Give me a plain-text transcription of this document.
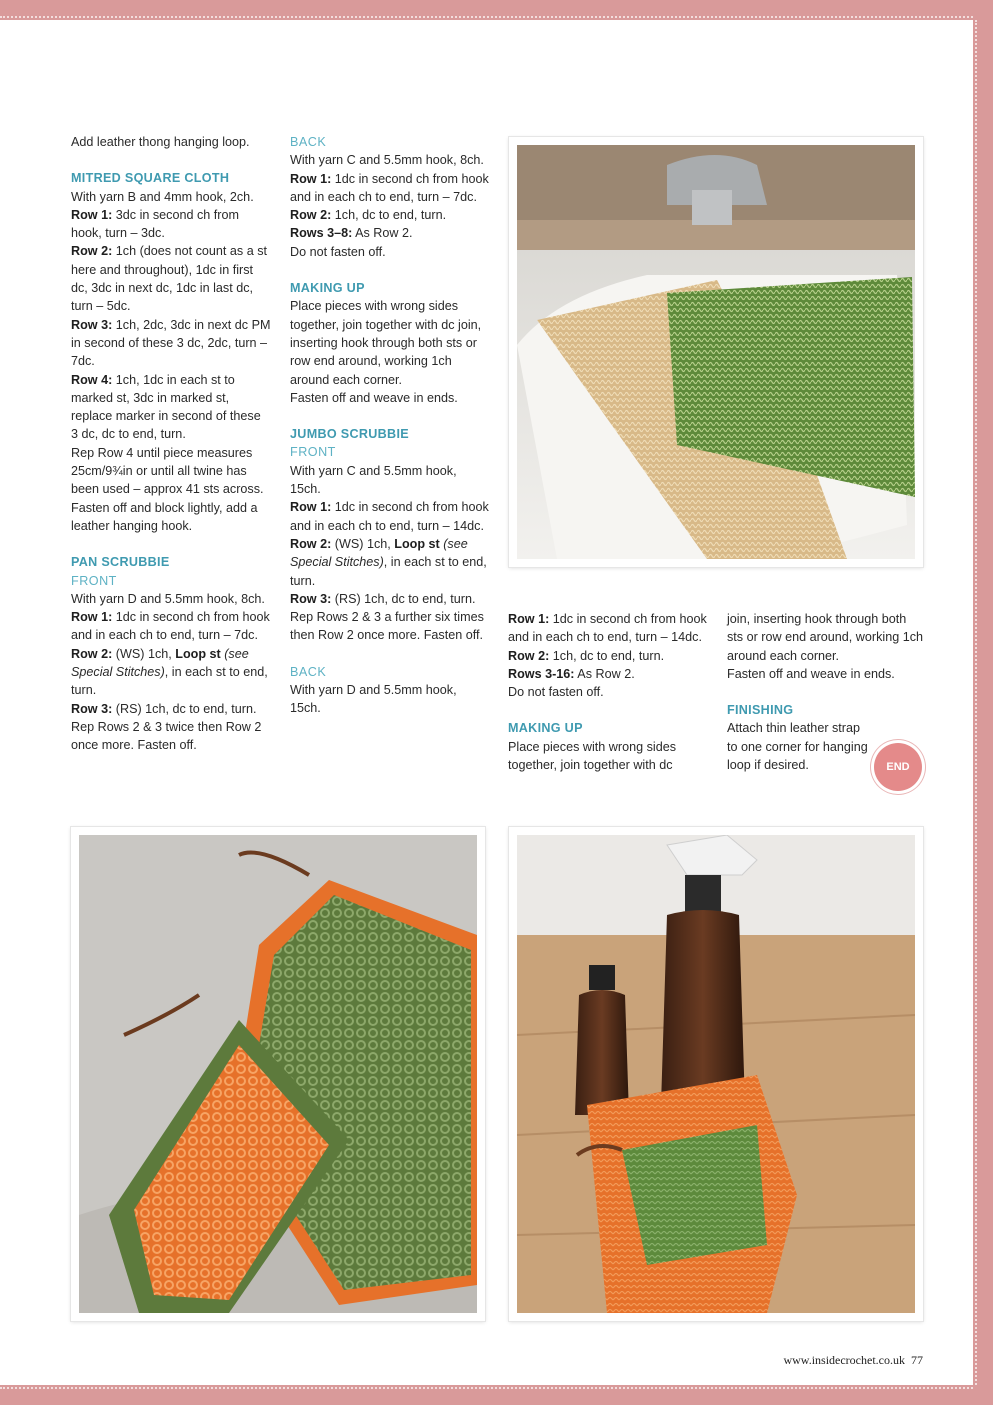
Add leather thong hanging loop.

MITRED SQUARE CLOTH

With yarn B and 4mm hook, 2ch.

Row 1: 3dc in second ch from hook, turn – 3dc.

Row 2: 1ch (does not count as a st here and throughout), 1dc in first dc, 3dc in next dc, 1dc in last dc, turn – 5dc.

Row 3: 1ch, 2dc, 3dc in next dc PM in second of these 3 dc, 2dc, turn – 7dc.

Row 4: 1ch, 1dc in each st to marked st, 3dc in marked st, replace marker in second of these 3 dc, dc to end, turn.

Rep Row 4 until piece measures 25cm/9¾in or until all twine has been used – approx 41 sts across. Fasten off and block lightly, add a leather hanging hook.

PAN SCRUBBIE

FRONT

With yarn D and 5.5mm hook, 8ch.

Row 1: 1dc in second ch from hook and in each ch to end, turn – 7dc.

Row 2: (WS) 1ch, Loop st (see Special Stitches), in each st to end, turn.

Row 3: (RS) 1ch, dc to end, turn.

Rep Rows 2 & 3 twice then Row 2 once more. Fasten off.

BACK

With yarn C and 5.5mm hook, 8ch.

Row 1: 1dc in second ch from hook and in each ch to end, turn – 7dc.

Row 2: 1ch, dc to end, turn.

Rows 3–8: As Row 2.

Do not fasten off.

MAKING UP

Place pieces with wrong sides together, join together with dc join, inserting hook through both sts or row end around, working 1ch around each corner.

Fasten off and weave in ends.

JUMBO SCRUBBIE

FRONT

With yarn C and 5.5mm hook, 15ch.

Row 1: 1dc in second ch from hook and in each ch to end, turn – 14dc.

Row 2: (WS) 1ch, Loop st (see Special Stitches), in each st to end, turn.

Row 3: (RS) 1ch, dc to end, turn.

Rep Rows 2 & 3 a further six times then Row 2 once more. Fasten off.

BACK

With yarn D and 5.5mm hook, 15ch.

Row 1: 1dc in second ch from hook and in each ch to end, turn – 14dc.

Row 2: 1ch, dc to end, turn.

Rows 3-16: As Row 2.

Do not fasten off.

MAKING UP

Place pieces with wrong sides together, join together with dc

join, inserting hook through both sts or row end around, working 1ch around each corner.

Fasten off and weave in ends.

FINISHING

Attach thin leather strap to one corner for hanging loop if desired.	END
www.insidecrochet.co.uk 77
